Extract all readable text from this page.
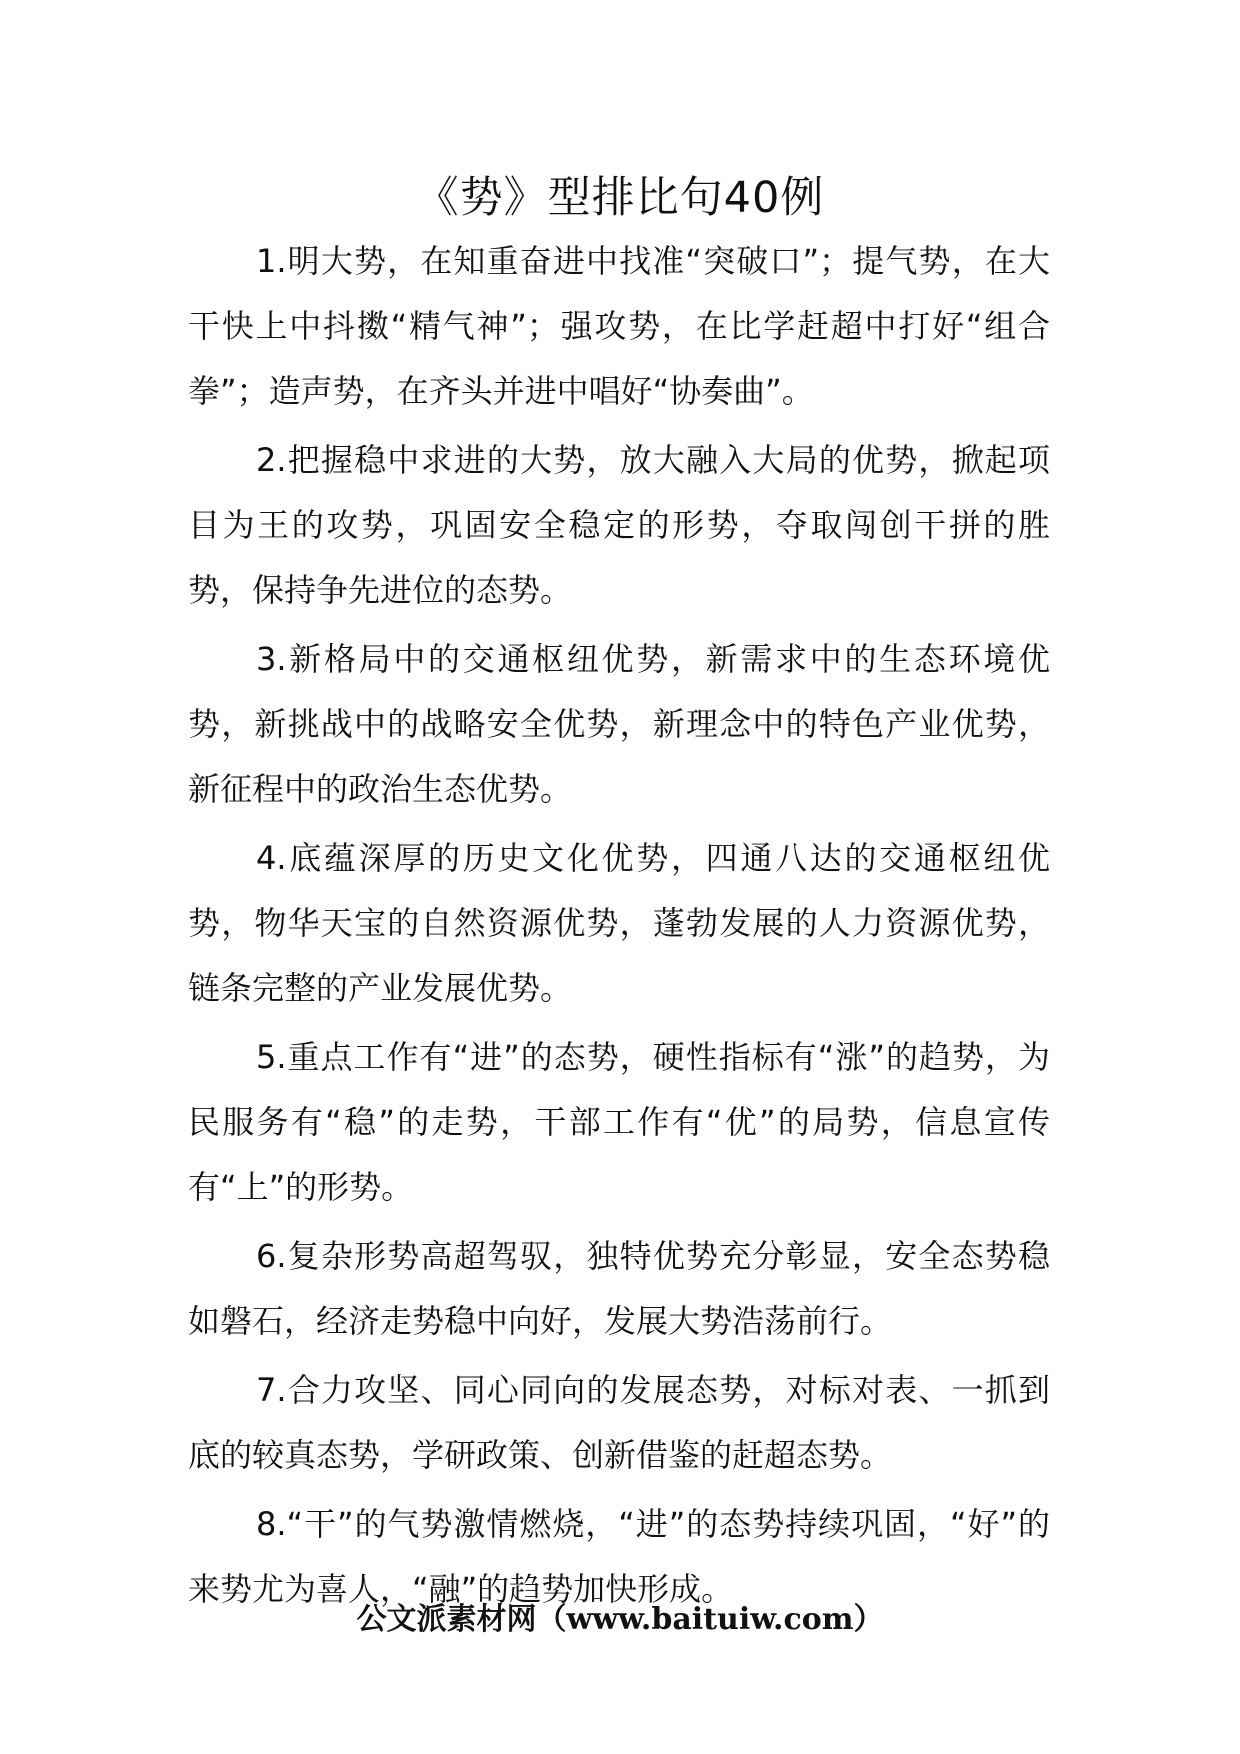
《势》型排比句40例

1.明大势，在知重奋进中找准“突破口”；提气势，在大干快上中抖擞“精气神”；强攻势，在比学赶超中打好“组合拳”；造声势，在齐头并进中唱好“协奏曲”。

2.把握稳中求进的大势，放大融入大局的优势，掀起项目为王的攻势，巩固安全稳定的形势，夺取闯创干拼的胜势，保持争先进位的态势。

3.新格局中的交通枢纽优势，新需求中的生态环境优势，新挑战中的战略安全优势，新理念中的特色产业优势，新征程中的政治生态优势。

4.底蕴深厚的历史文化优势，四通八达的交通枢纽优势，物华天宝的自然资源优势，蓬勃发展的人力资源优势，链条完整的产业发展优势。

5.重点工作有“进”的态势，硬性指标有“涨”的趋势，为民服务有“稳”的走势，干部工作有“优”的局势，信息宣传有“上”的形势。

6.复杂形势高超驾驭，独特优势充分彰显，安全态势稳如磐石，经济走势稳中向好，发展大势浩荡前行。

7.合力攻坚、同心同向的发展态势，对标对表、一抓到底的较真态势，学研政策、创新借鉴的赶超态势。

8.“干”的气势激情燃烧，“进”的态势持续巩固，“好”的来势尤为喜人，“融”的趋势加快形成。

公文派素材网（www.baituiw.com）
